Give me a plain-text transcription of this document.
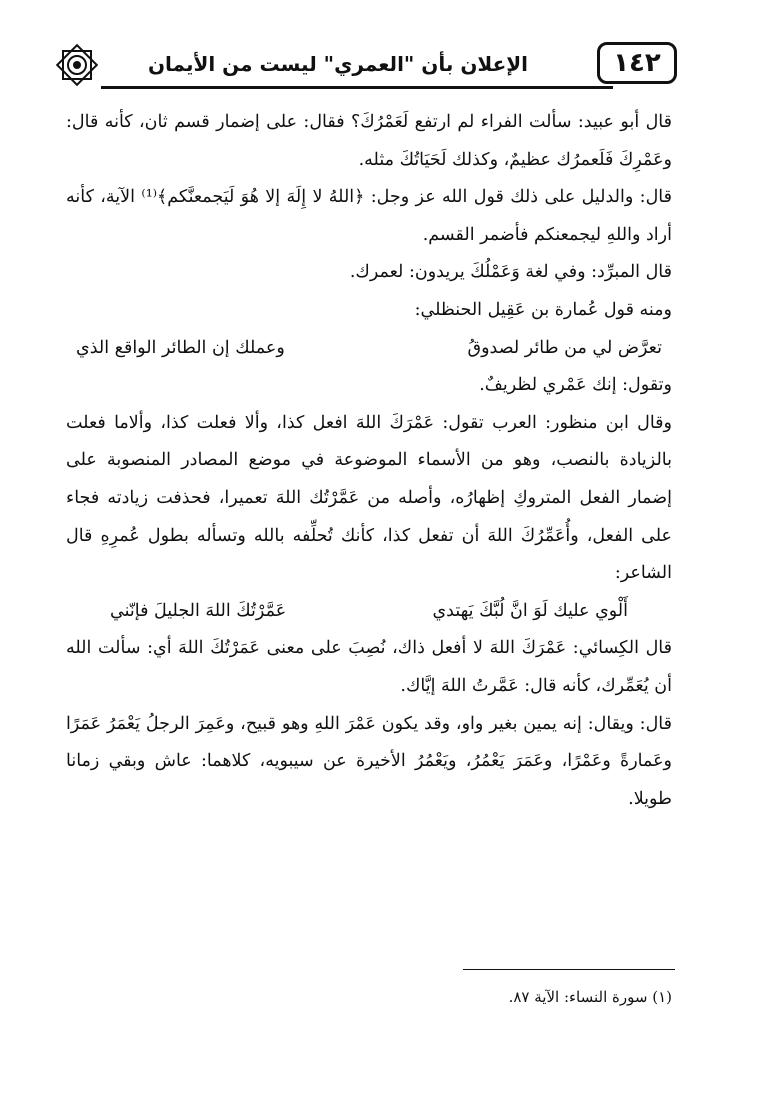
الإعلان بأن "العمري" ليست من الأيمان	١٤٢

قال أبو عبيد: سألت الفراء لم ارتفع لَعَمْرُكَ؟ فقال: على إضمار قسم ثان، كأنه قال: وعَمْرِكَ فَلَعمرُك عظيمٌ، وكذلك لَحَيَاتُكَ مثله.

قال: والدليل على ذلك قول الله عز وجل: ﴿اللهُ لا إِلَهَ إلا هُوَ لَيَجمعنَّكم﴾⁽¹⁾ الآية، كأنه أراد واللهِ ليجمعنكم فأضمر القسم.

قال المبرِّد: وفي لغة وَعَمْلُكَ يريدون: لعمرك.

ومنه قول عُمارة بن عَقِيل الحنظلي:

وعملك إن الطائر الواقع الذي	تعرَّض لي من طائر لصدوقُ

وتقول: إنك عَمْري لظريفٌ.

وقال ابن منظور: العرب تقول: عَمْرَكَ اللهَ افعل كذا، وألا فعلت كذا، وألاما فعلت بالزيادة بالنصب، وهو من الأسماء الموضوعة في موضع المصادر المنصوبة على إضمار الفعل المتروكِ إظهارُه، وأصله من عَمَّرْتُك اللهَ تعميرا، فحذفت زيادته فجاء على الفعل، وأُعَمِّرُكَ اللهَ أن تفعل كذا، كأنك تُحلِّفه بالله وتسأله بطول عُمرِهِ قال الشاعر:

عَمَّرْتُكَ اللهَ الجليلَ فإنّني	أَلْوي عليك لَوَ انَّ لُبَّكَ يَهتدي

قال الكِسائي: عَمْرَكَ اللهَ لا أفعل ذاك، نُصِبَ على معنى عَمَرْتُكَ اللهَ أي: سألت الله أن يُعَمِّرك، كأنه قال: عَمَّرتُ اللهَ إيَّاك.

قال: ويقال: إنه يمين بغير واو، وقد يكون عَمْرَ اللهِ وهو قبيح، وعَمِرَ الرجلُ يَعْمَرُ عَمَرًا وعَمارةً وعَمْرًا، وعَمَرَ يَعْمُرُ، ويَعْمُرُ الأخيرة عن سيبويه، كلاهما: عاش وبقي زمانا طويلا.

(١) سورة النساء: الآية ٨٧.
